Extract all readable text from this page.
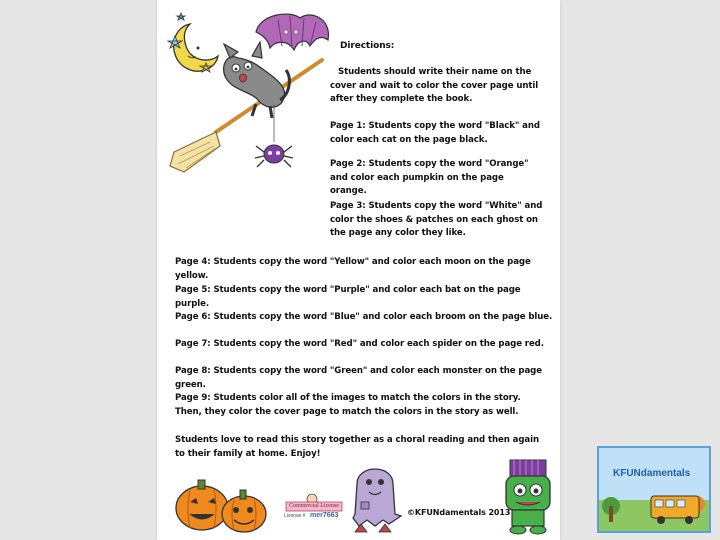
Directions:
Students should write their name on the cover and wait to color the cover page until after they complete the book.
Page 1: Students copy the word "Black" and color each cat on the page black.
Page 2: Students copy the word "Orange" and color each pumpkin on the page orange.
Page 3: Students copy the word "White" and color the shoes & patches on each ghost on the page any color they like.
Page 4: Students copy the word "Yellow" and color each moon on the page yellow.
Page 5: Students copy the word "Purple" and color each bat on the page purple.
Page 6: Students copy the word "Blue" and color each broom on the page blue.
Page 7: Students copy the word "Red" and color each spider on the page red.
Page 8: Students copy the word "Green" and color each monster on the page green.
Page 9: Students color all of the images to match the colors in the story. Then, they color the cover page to match the colors in the story as well.
Students love to read this story together as a choral reading and then again to their family at home. Enjoy!
Commercial License
License # mer7663	©KFUNdamentals 2013
KFUNdamentals
